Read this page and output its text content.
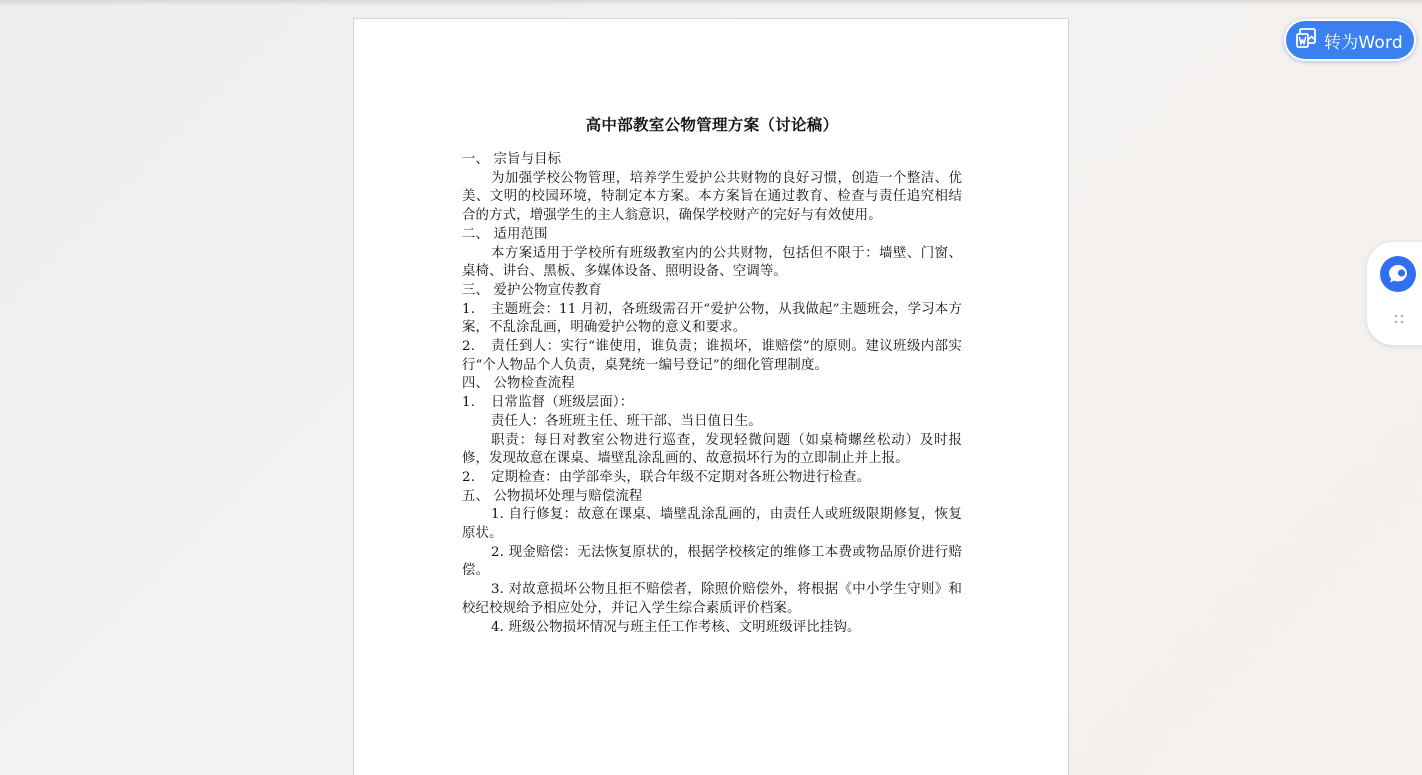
高中部教室公物管理方案（讨论稿）

一、 宗旨与目标

为加强学校公物管理，培养学生爱护公共财物的良好习惯，创造一个整洁、优美、文明的校园环境，特制定本方案。本方案旨在通过教育、检查与责任追究相结合的方式，增强学生的主人翁意识，确保学校财产的完好与有效使用。

二、 适用范围

本方案适用于学校所有班级教室内的公共财物，包括但不限于：墙壁、门窗、桌椅、讲台、黑板、多媒体设备、照明设备、空调等。

三、 爱护公物宣传教育

1. 主题班会：11 月初，各班级需召开“爱护公物，从我做起”主题班会，学习本方案，不乱涂乱画，明确爱护公物的意义和要求。

2. 责任到人：实行“谁使用，谁负责；谁损坏，谁赔偿”的原则。建议班级内部实行“个人物品个人负责，桌凳统一编号登记”的细化管理制度。

四、 公物检查流程

1. 日常监督（班级层面）：

责任人：各班班主任、班干部、当日值日生。

职责：每日对教室公物进行巡查，发现轻微问题（如桌椅螺丝松动）及时报修，发现故意在课桌、墙壁乱涂乱画的、故意损坏行为的立即制止并上报。

2. 定期检查：由学部牵头，联合年级不定期对各班公物进行检查。

五、 公物损坏处理与赔偿流程

1. 自行修复：故意在课桌、墙壁乱涂乱画的，由责任人或班级限期修复，恢复原状。

2. 现金赔偿：无法恢复原状的，根据学校核定的维修工本费或物品原价进行赔偿。

3. 对故意损坏公物且拒不赔偿者，除照价赔偿外，将根据《中小学生守则》和校纪校规给予相应处分，并记入学生综合素质评价档案。

4. 班级公物损坏情况与班主任工作考核、文明班级评比挂钩。

转为Word
